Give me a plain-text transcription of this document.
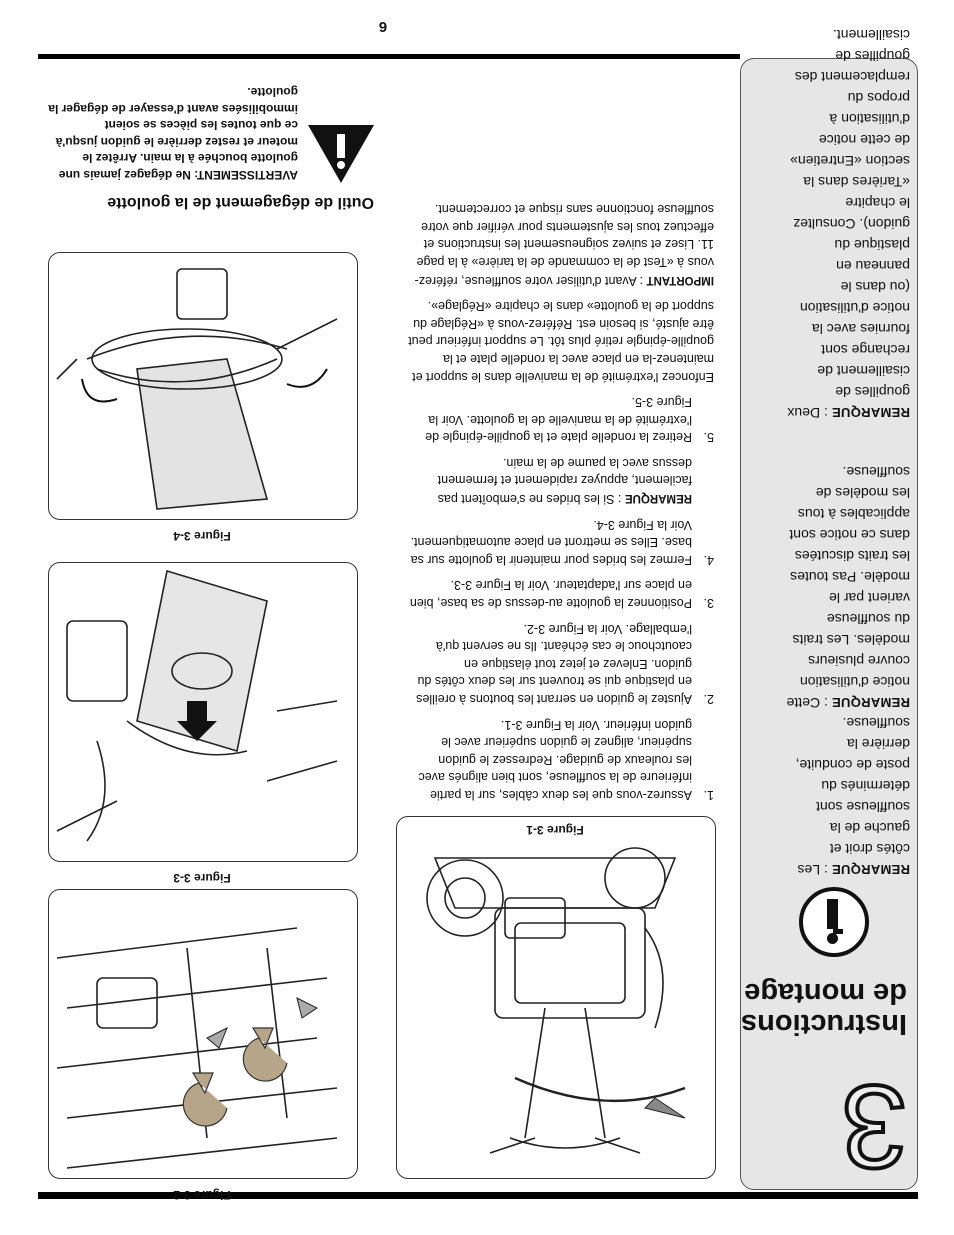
3
Instructions de montage
REMARQUE : Les côtés droit et gauche de la souffleuse sont déterminés du poste de conduite, derrière la souffleuse.
REMARQUE : Cette notice d'utilisation couvre plusieurs modèles. Les traits du souffleuse varient par le modèle. Pas toutes les traits discutées dans ce notice sont applicables à tous les modèles de souffleuse.
REMARQUE : Deux goupilles de cisaillement de rechange sont fournies avec la notice d'utilisation (ou dans le panneau en plastique du guidon). Consultez le chapitre «Tarières dans la section «Entretien» de cette notice d'utilisation à propos du remplacement des goupilles de cisaillement.
Figure 3-1
Figure 3-2
Figure 3-3
Figure 3-4
1.
Assurez-vous que les deux câbles, sur la partie inférieure de la souffleuse, sont bien alignés avec les rouleaux de guidage. Redressez le guidon supérieur, alignez le guidon supérieur avec le guidon inférieur. Voir la Figure 3-1.
2.
Ajustez le guidon en serrant les boutons à oreilles en plastique qui se trouvent sur les deux côtés du guidon. Enlevez et jetez tout élastique en caoutchouc le cas échéant. Ils ne servent qu'à l'emballage. Voir la Figure 3-2.
3.
Positionnez la goulotte au-dessus de sa base, bien en place sur l'adaptateur. Voir la Figure 3-3.
4.
Fermez les brides pour maintenir la goulotte sur sa base. Elles se mettront en place automatiquement. Voir la Figure 3-4.
REMARQUE : Si les brides ne s'emboîtent pas facilement, appuyez rapidement et fermement dessus avec la paume de la main.
5.
Retirez la rondelle plate et la goupille-épingle de l'extrémité de la manivelle de la goulotte. Voir la Figure 3-5.
Enfoncez l'extrémité de la manivelle dans le support et maintenez-la en place avec la rondelle plate et la goupille-épingle retiré plus tôt. Le support inférieur peut être ajusté, si besoin est. Référez-vous à «Réglage du support de la goulotte» dans le chapitre «Réglage».
IMPORTANT : Avant d'utiliser votre souffleuse, référez-vous à «Test de la commande de la tarière» à la page 11. Lisez et suivez soigneusement les instructions et effectuez tous les ajustements pour vérifier que votre souffleuse fonctionne sans risque et correctement.
Outil de dégagement de la goulotte
AVERTISSEMENT: Ne dégagez jamais une goulotte bouchée à la main. Arrêtez le moteur et restez derrière le guidon jusqu'à ce que toutes les pièces se soient immobilisées avant d'essayer de dégager la goulotte.
6
